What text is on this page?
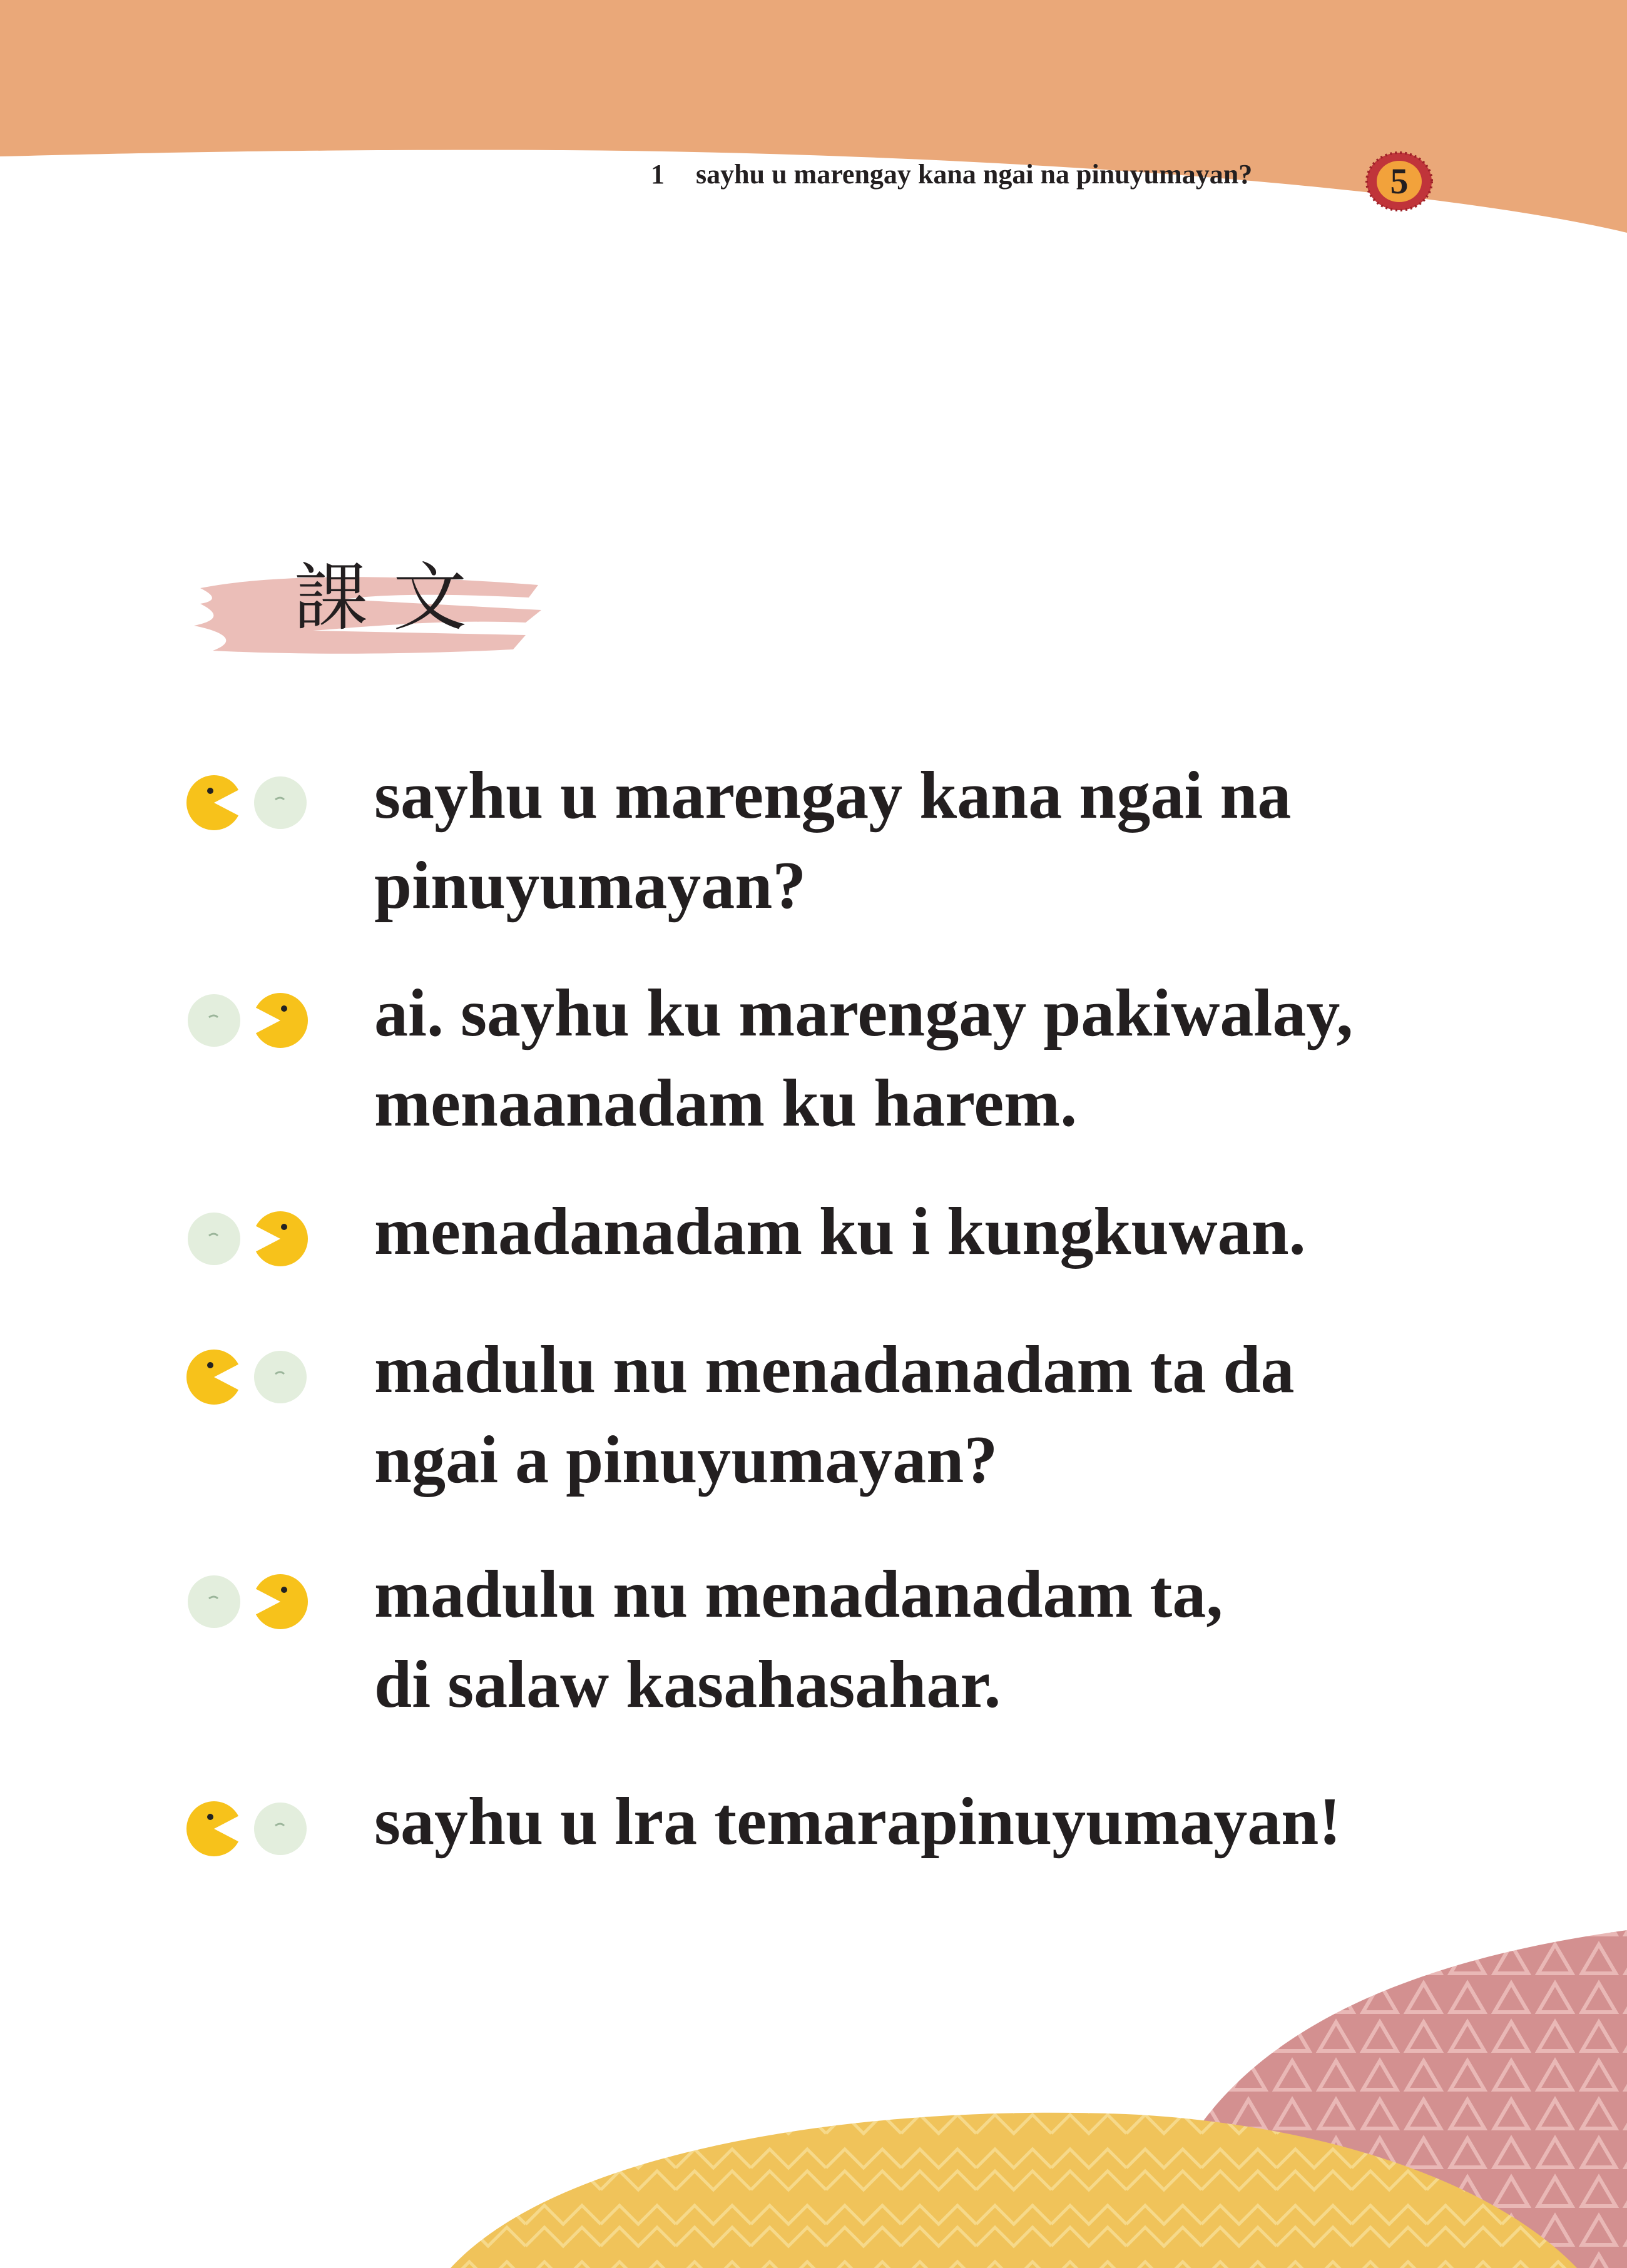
1 sayhu u marengay kana ngai na pinuyumayan?	5
課文
sayhu u marengay kana ngai na
pinuyumayan?
ai. sayhu ku marengay pakiwalay,
menaanadam ku harem.
menadanadam ku i kungkuwan.
madulu nu menadanadam ta da
ngai a pinuyumayan?
madulu nu menadanadam ta,
di salaw kasahasahar.
sayhu u lra temarapinuyumayan!
